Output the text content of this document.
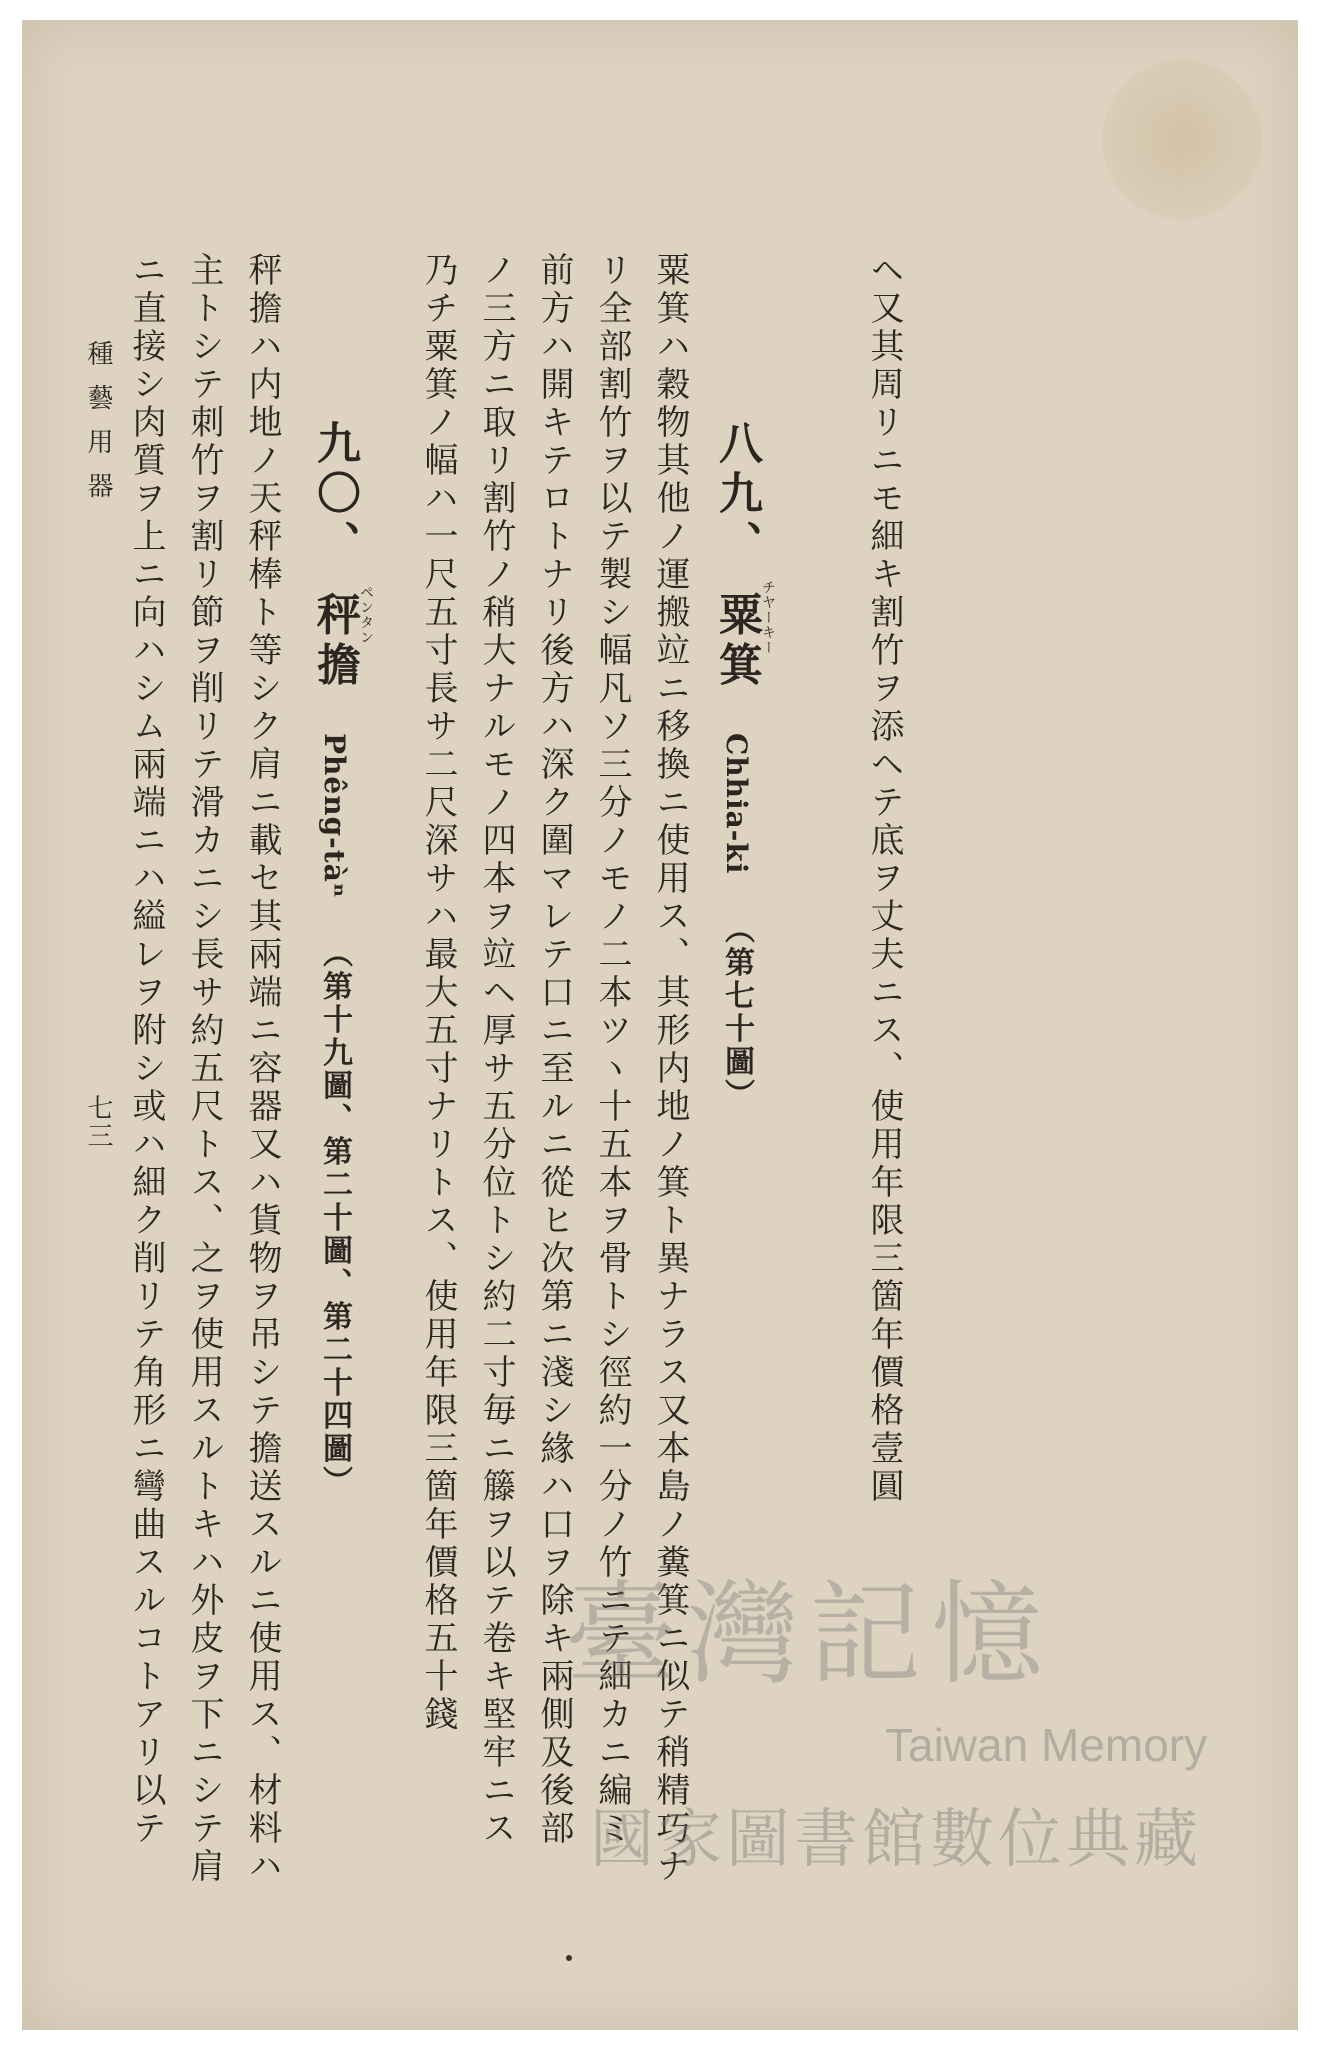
ヘ又其周リニモ細キ割竹ヲ添ヘテ底ヲ丈夫ニス、使用年限三箇年價格壹圓
八九、 粟箕 Chhia-ki （第七十圖）
チヤーキー
粟箕ハ穀物其他ノ運搬竝ニ移換ニ使用ス、其形内地ノ箕ト異ナラス又本島ノ糞箕ニ似テ稍精巧ナ
リ全部割竹ヲ以テ製シ幅凡ソ三分ノモノ二本ツヽ十五本ヲ骨トシ徑約一分ノ竹ニテ細カニ編ミ
前方ハ開キテロトナリ後方ハ深ク圍マレテ口ニ至ルニ從ヒ次第ニ淺シ緣ハ口ヲ除キ兩側及後部
ノ三方ニ取リ割竹ノ稍大ナルモノ四本ヲ竝ヘ厚サ五分位トシ約二寸毎ニ籐ヲ以テ卷キ堅牢ニス
乃チ粟箕ノ幅ハ一尺五寸長サ二尺深サハ最大五寸ナリトス、使用年限三箇年價格五十錢
九〇、 秤擔 Phêng-tàⁿ （第十九圖、第二十圖、第二十四圖）
ペンタン
秤擔ハ内地ノ天秤棒ト等シク肩ニ載セ其兩端ニ容器又ハ貨物ヲ吊シテ擔送スルニ使用ス、材料ハ
主トシテ刺竹ヲ割リ節ヲ削リテ滑カニシ長サ約五尺トス、之ヲ使用スルトキハ外皮ヲ下ニシテ肩
ニ直接シ肉質ヲ上ニ向ハシム兩端ニハ縊レヲ附シ或ハ細ク削リテ角形ニ彎曲スルコトアリ以テ
種藝用器
七三
臺灣記憶
Taiwan Memory
國家圖書館數位典藏
